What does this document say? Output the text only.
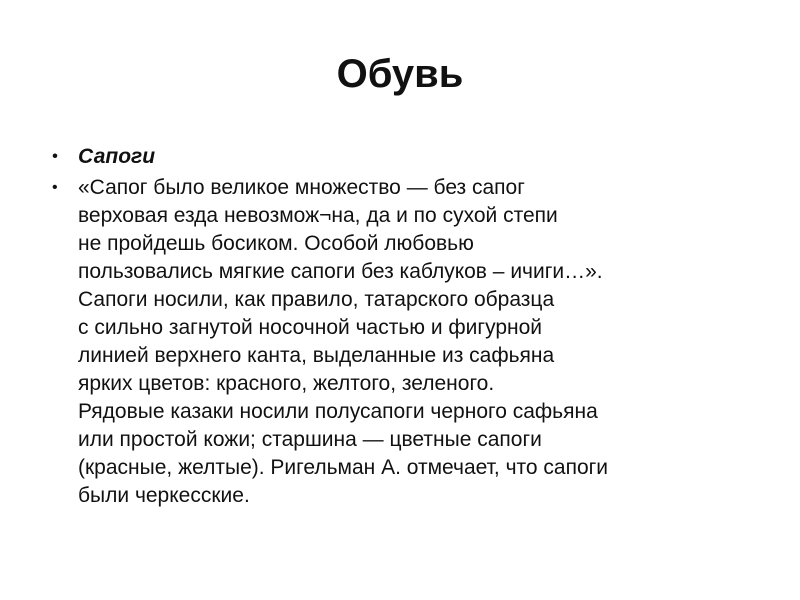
Обувь
• Сапоги
• «Сапог было великое множество — без сапог
верховая езда невозмож¬на, да и по сухой степи
не пройдешь босиком. Особой любовью
пользовались мягкие сапоги без каблуков – ичиги…».
Сапоги носили, как правило, татарского образца
с сильно загнутой носочной частью и фигурной
линией верхнего канта, выделанные из сафьяна
ярких цветов: красного, желтого, зеленого.
Рядовые казаки носили полусапоги черного сафьяна
или простой кожи; старшина — цветные сапоги
(красные, желтые). Ригельман А. отмечает, что сапоги
были черкесские.
